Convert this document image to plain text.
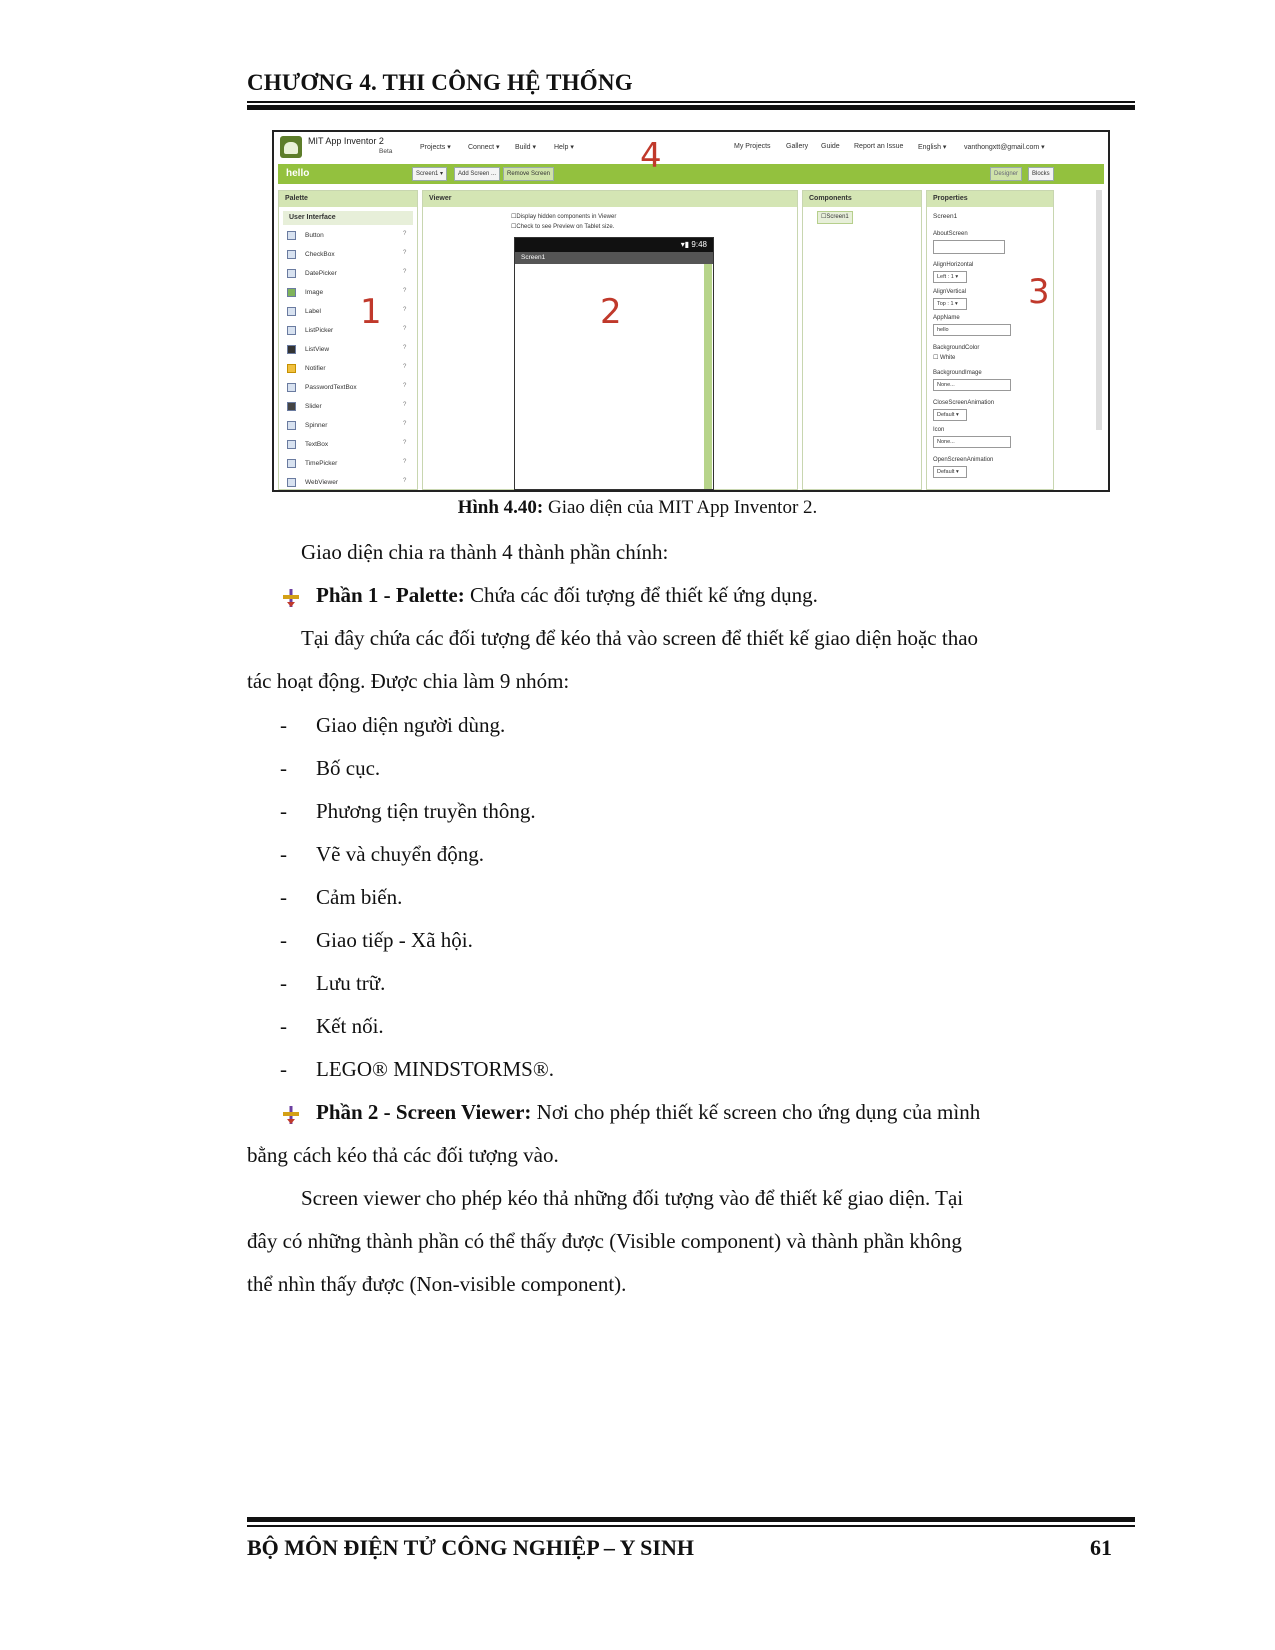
CHƯƠNG 4. THI CÔNG HỆ THỐNG
MIT App Inventor 2
Beta
Projects ▾ Connect ▾ Build ▾	Help ▾	My Projects Gallery Guide Report an Issue English ▾	vanthongxtt@gmail.com ▾
hello	Screen1 ▾	Add Screen ...	Remove Screen	Designer	Blocks
Palette
User Interface
Button
CheckBox
DatePicker
Image
Label
ListPicker
ListView
Notifier
PasswordTextBox
Slider
Spinner
TextBox
TimePicker
WebViewer
?
?
?
?
?
?
?
?
?
?
?
?
?
?
Viewer
☐Display hidden components in Viewer
☐Check to see Preview on Tablet size.
▾▮ 9:48
Screen1
Components
☐Screen1
Properties
Screen1
AboutScreen
AlignHorizontal
Left : 1 ▾
AlignVertical
Top : 1 ▾
AppName
hello
BackgroundColor
☐ White
BackgroundImage
None...
CloseScreenAnimation
Default ▾
Icon
None...
OpenScreenAnimation
Default ▾
1	2	3
4
Hình 4.40: Giao diện của MIT App Inventor 2.
Giao diện chia ra thành 4 thành phần chính:
Phần 1 - Palette: Chứa các đối tượng để thiết kế ứng dụng.
Tại đây chứa các đối tượng để kéo thả vào screen để thiết kế giao diện hoặc thao
tác hoạt động. Được chia làm 9 nhóm:
- Giao diện người dùng.
- Bố cục.
- Phương tiện truyền thông.
- Vẽ và chuyển động.
- Cảm biến.
- Giao tiếp - Xã hội.
- Lưu trữ.
- Kết nối.
- LEGO® MINDSTORMS®.
Phần 2 - Screen Viewer: Nơi cho phép thiết kế screen cho ứng dụng của mình
bằng cách kéo thả các đối tượng vào.
Screen viewer cho phép kéo thả những đối tượng vào để thiết kế giao diện. Tại
đây có những thành phần có thể thấy được (Visible component) và thành phần không
thể nhìn thấy được (Non-visible component).
BỘ MÔN ĐIỆN TỬ CÔNG NGHIỆP – Y SINH	61
